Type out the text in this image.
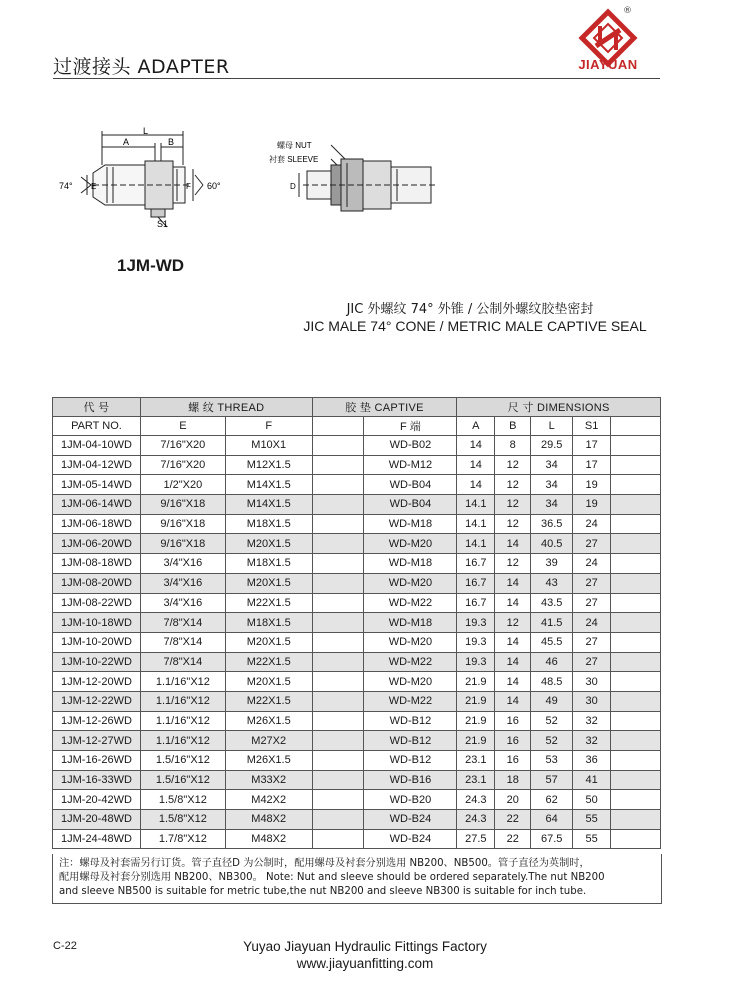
过渡接头 ADAPTER
®
JIAYUAN
L
A	B
E	F
S1
74°	60°	D
螺母 NUT
衬套 SLEEVE
1JM-WD
JIC 外螺纹 74° 外锥 / 公制外螺纹胶垫密封
JIC MALE 74° CONE / METRIC MALE CAPTIVE SEAL
代 号	螺 纹 THREAD		胶 垫 CAPTIVE		尺 寸 DIMENSIONS				
PART NO.	E	F		F 端	A	B	L	S1	
1JM-04-10WD	7/16"X20	M10X1		WD-B02	14	8	29.5	17	
1JM-04-12WD	7/16"X20	M12X1.5		WD-M12	14	12	34	17	
1JM-05-14WD	1/2"X20	M14X1.5		WD-B04	14	12	34	19	
1JM-06-14WD	9/16"X18	M14X1.5		WD-B04	14.1	12	34	19	
1JM-06-18WD	9/16"X18	M18X1.5		WD-M18	14.1	12	36.5	24	
1JM-06-20WD	9/16"X18	M20X1.5		WD-M20	14.1	14	40.5	27	
1JM-08-18WD	3/4"X16	M18X1.5		WD-M18	16.7	12	39	24	
1JM-08-20WD	3/4"X16	M20X1.5		WD-M20	16.7	14	43	27	
1JM-08-22WD	3/4"X16	M22X1.5		WD-M22	16.7	14	43.5	27	
1JM-10-18WD	7/8"X14	M18X1.5		WD-M18	19.3	12	41.5	24	
1JM-10-20WD	7/8"X14	M20X1.5		WD-M20	19.3	14	45.5	27	
1JM-10-22WD	7/8"X14	M22X1.5		WD-M22	19.3	14	46	27	
1JM-12-20WD	1.1/16"X12	M20X1.5		WD-M20	21.9	14	48.5	30	
1JM-12-22WD	1.1/16"X12	M22X1.5		WD-M22	21.9	14	49	30	
1JM-12-26WD	1.1/16"X12	M26X1.5		WD-B12	21.9	16	52	32	
1JM-12-27WD	1.1/16"X12	M27X2		WD-B12	21.9	16	52	32	
1JM-16-26WD	1.5/16"X12	M26X1.5		WD-B12	23.1	16	53	36	
1JM-16-33WD	1.5/16"X12	M33X2		WD-B16	23.1	18	57	41	
1JM-20-42WD	1.5/8"X12	M42X2		WD-B20	24.3	20	62	50	
1JM-20-48WD	1.5/8"X12	M48X2		WD-B24	24.3	22	64	55	
1JM-24-48WD	1.7/8"X12	M48X2		WD-B24	27.5	22	67.5	55	
注：螺母及衬套需另行订货。管子直径D 为公制时，配用螺母及衬套分别选用 NB200、NB500。管子直径为英制时，
配用螺母及衬套分别选用 NB200、NB300。 Note: Nut and sleeve should be ordered separately.The nut NB200
and sleeve NB500 is suitable for metric tube,the nut NB200 and sleeve NB300 is suitable for inch tube.
C-22	Yuyao Jiayuan Hydraulic Fittings Factory
www.jiayuanfitting.com
